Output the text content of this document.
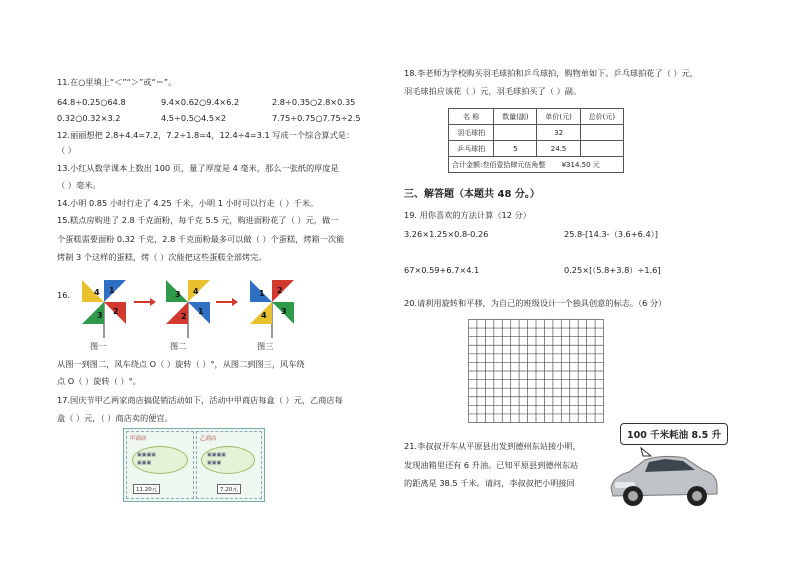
11.在○里填上“＜”“＞”或“＝”。
64.8÷0.25○64.8	9.4×0.62○9.4×6.2	2.8÷0.35○2.8×0.35
0.32○0.32×3.2	4.5÷0.5○4.5×2	7.75÷0.75○7.75÷2.5
12.丽丽想把 2.8+4.4=7.2，7.2÷1.8=4，12.4÷4=3.1 写成一个综合算式是：
（ ）
13.小红从数学课本上数出 100 页，量了厚度是 4 毫米，那么一张纸的厚度是
（ ）毫米。
14.小明 0.85 小时行走了 4.25 千米，小明 1 小时可以行走（ ）千米。
15.糕点房购进了 2.8 千克面粉，每千克 5.5 元，购进面粉花了（ ）元，做一
个蛋糕需要面粉 0.32 千克，2.8 千克面粉最多可以做（ ）个蛋糕，烤箱一次能
烤制 3 个这样的蛋糕，烤（ ）次能把这些蛋糕全部烤完。
16.	4 1
2
3
4
1
2
3
4
1 2
3
图一	图二	图三
从图一到图二，风车绕点 O（ ）旋转（ ）°，从图二到图三，风车绕
点 O（ ）旋转（ ）°。
17.国庆节甲乙两家商店搞促销活动如下，活动中甲商店每盒（ ）元，乙商店每
盒（ ）元，（ ）商店卖的便宜。
甲商店
▣▣▣▣
▣▣▣
11.20元
乙商店
▣▣▣▣
▣▣▣
7.20元
18.李老师为学校购买羽毛球拍和乒乓球拍，购物单如下。乒乓球拍花了（ ）元，
羽毛球拍应该花（ ）元，羽毛球拍买了（ ）副。
名 称	数量(副)	单价(元)	总价(元)
羽毛球拍		32	
乒乓球拍	5	24.5	
合计金额:叁佰壹拾肆元伍角整 ¥314.50 元			
三、解答题（本题共 48 分。）
19. 用你喜欢的方法计算（12 分）
3.26×1.25×0.8-0.26	25.8-[14.3-（3.6+6.4）]
67×0.59+6.7×4.1	0.25×[（5.8+3.8）÷1.6]
20.请利用旋转和平移，为自己的班级设计一个独具创意的标志。（6 分）
21.李叔叔开车从平原县出发到德州东站接小明，
发现油箱里还有 6 升油。已知平原县到德州东站
的距离是 38.5 千米。请问，李叔叔把小明接回
100 千米耗油 8.5 升
